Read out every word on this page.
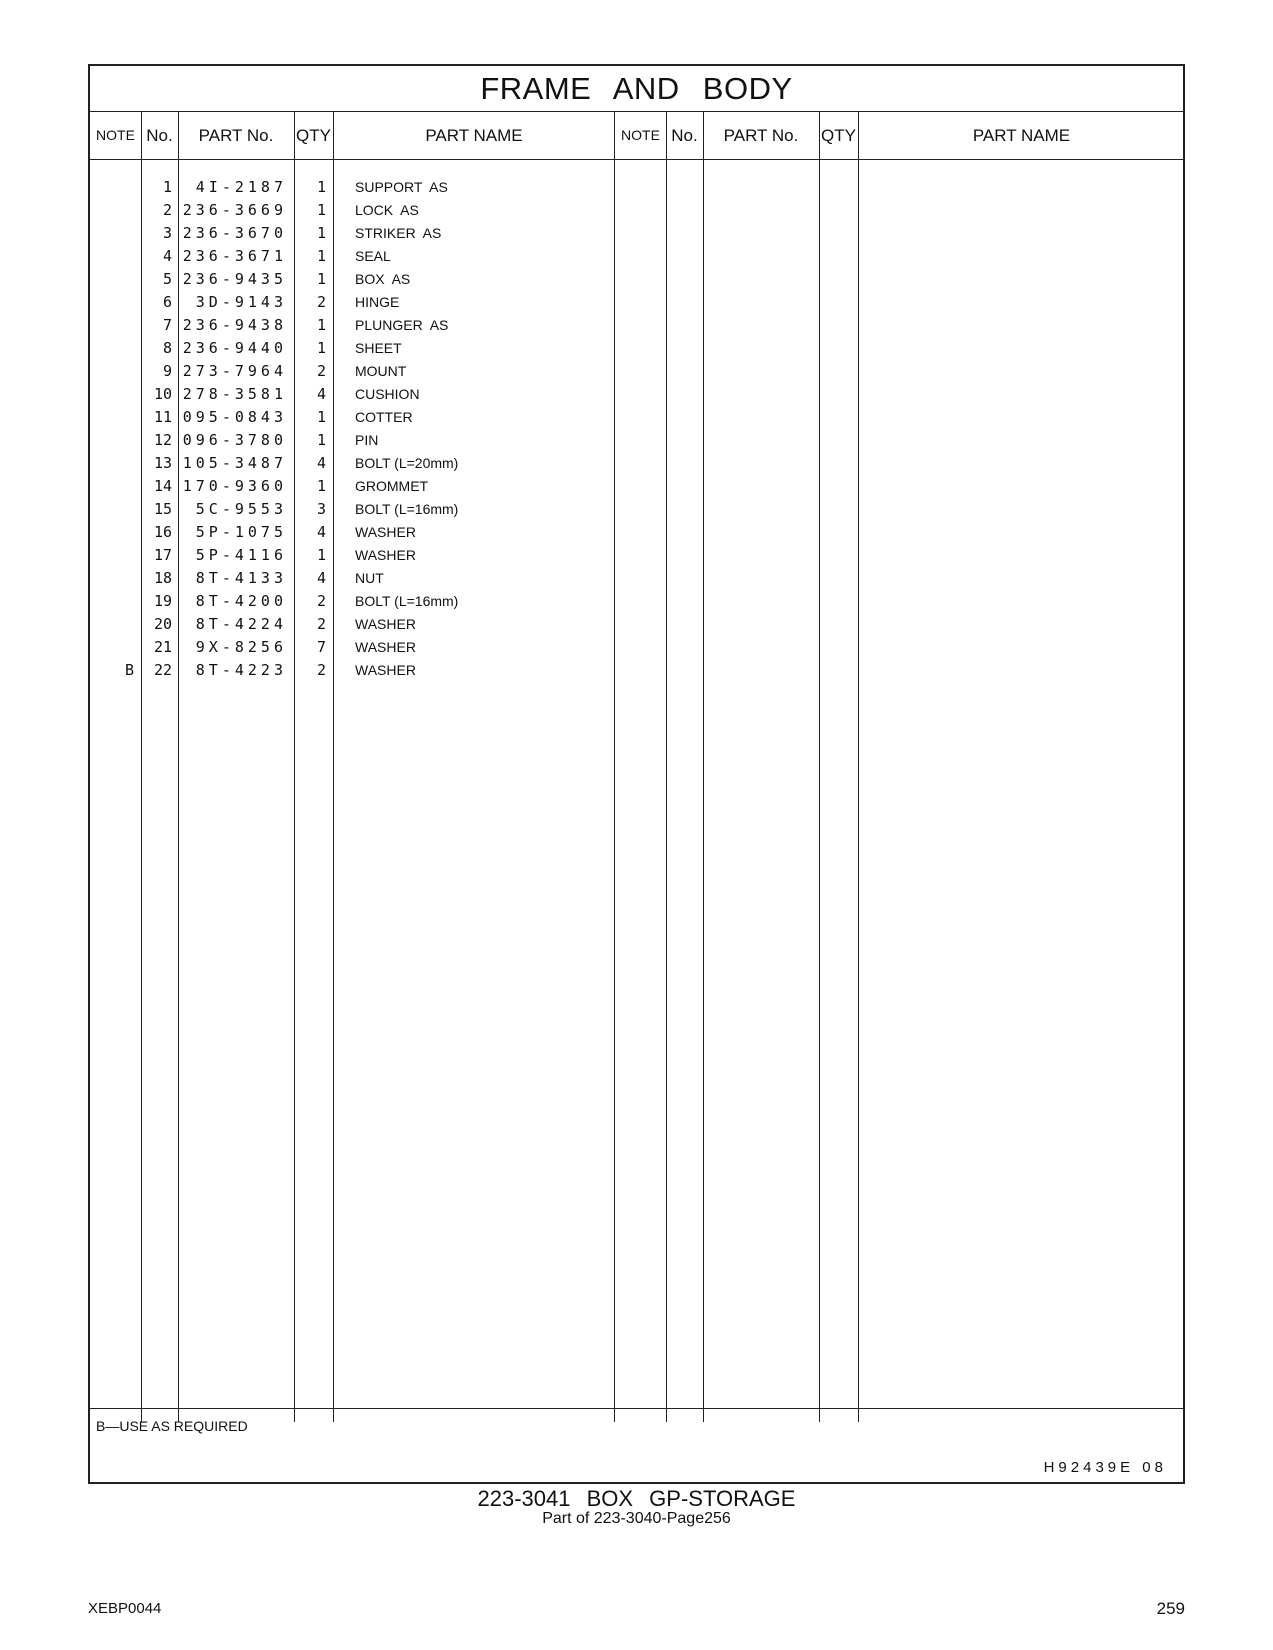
FRAME AND BODY
NOTE No.	PART No.	QTY	PART NAME	NOTE No.	PART No.	QTY	PART NAME
1	4I-2187	1 SUPPORT  AS
2 236-3669	1 LOCK  AS
3 236-3670	1 STRIKER  AS
4 236-3671	1 SEAL
5 236-9435	1 BOX  AS
6	3D-9143	2 HINGE
7 236-9438	1 PLUNGER  AS
8 236-9440	1 SHEET
9 273-7964	2 MOUNT
10 278-3581	4 CUSHION
11 095-0843	1 COTTER
12 096-3780	1 PIN
13 105-3487	4 BOLT (L=20mm)
14 170-9360	1 GROMMET
15	5C-9553	3 BOLT (L=16mm)
16	5P-1075	4 WASHER
17	5P-4116	1 WASHER
18	8T-4133	4 NUT
19	8T-4200	2 BOLT (L=16mm)
20	8T-4224	2 WASHER
21	9X-8256	7 WASHER
B	22	8T-4223	2 WASHER
B—USE AS REQUIRED
H92439E 08
223-3041 BOX GP-STORAGE
Part of 223-3040-Page256
XEBP0044	259
